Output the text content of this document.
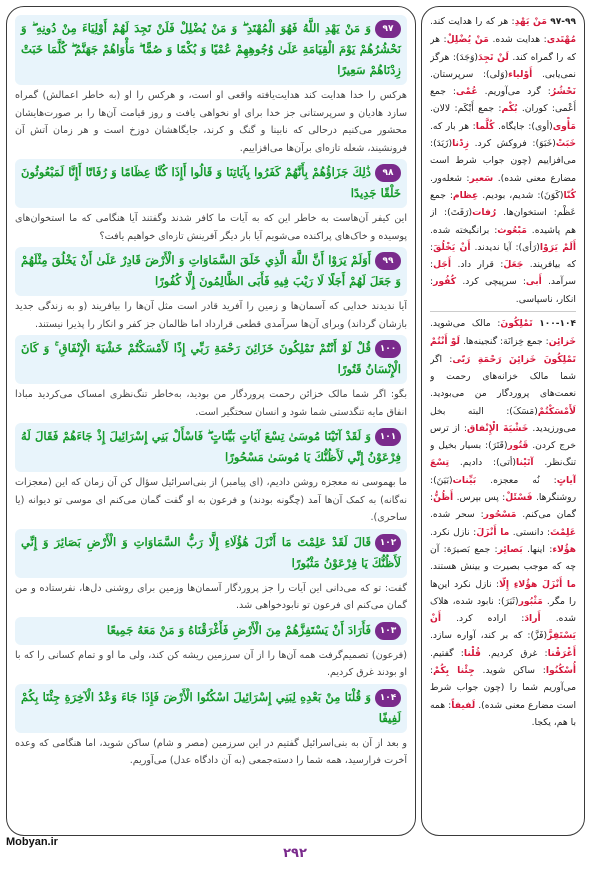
۹۷وَ مَنْ يَهْدِ اللَّهُ فَهُوَ الْمُهْتَدِ ۖ وَ مَنْ يُضْلِلْ فَلَنْ تَجِدَ لَهُمْ أَوْلِيَاءَ مِنْ دُونِهِ ۖ وَ نَحْشُرُهُمْ يَوْمَ الْقِيَامَةِ عَلَىٰ وُجُوهِهِمْ عُمْيًا وَ بُكْمًا وَ صُمًّا ۖ مَأْوَاهُمْ جَهَنَّمُ ۖ كُلَّمَا خَبَتْ زِدْنَاهُمْ سَعِيرًا
هرکس را خدا هدایت کند هدایت‌یافته واقعی او است، و هرکس را او (به خاطر اعمالش) گمراه سازد هادیان و سرپرستانی جز خدا برای او نخواهی یافت و روز قیامت آن‌ها را بر صورت‌هایشان محشور می‌کنیم درحالی که نابینا و گنگ و کرند، جایگاهشان دوزخ است و هر زمان آتش آن فرونشیند، شعله تازه‌ای برآن‌ها می‌افزاییم.
۹۸ذَٰلِكَ جَزَاؤُهُمْ بِأَنَّهُمْ كَفَرُوا بِآيَاتِنَا وَ قَالُوا أَإِذَا كُنَّا عِظَامًا وَ رُفَاتًا أَإِنَّا لَمَبْعُوثُونَ خَلْقًا جَدِيدًا
این کیفر آن‌هاست به خاطر این که به آیات ما کافر شدند وگفتند آیا هنگامی که ما استخوان‌های پوسیده و خاک‌های پراکنده می‌شویم آیا بار دیگر آفرینش تازه‌ای خواهیم یافت؟
۹۹أَوَلَمْ يَرَوْا أَنَّ اللَّهَ الَّذِي خَلَقَ السَّمَاوَاتِ وَ الْأَرْضَ قَادِرٌ عَلَىٰ أَنْ يَخْلُقَ مِثْلَهُمْ وَ جَعَلَ لَهُمْ أَجَلًا لَا رَيْبَ فِيهِ فَأَبَى الظَّالِمُونَ إِلَّا كُفُورًا
آیا ندیدند خدایی که آسمان‌ها و زمین را آفرید قادر است مثل آن‌ها را بیافریند (و به زندگی جدید بازشان گرداند) وبرای آن‌ها سرآمدی قطعی قرارداد اما ظالمان جز کفر و انکار را پذیرا نیستند.
۱۰۰قُلْ لَوْ أَنْتُمْ تَمْلِكُونَ خَزَائِنَ رَحْمَةِ رَبِّي إِذًا لَأَمْسَكْتُمْ خَشْيَةَ الْإِنْفَاقِ ۚ وَ كَانَ الْإِنْسَانُ قَتُورًا
بگو: اگر شما مالک خزائن رحمت پروردگار من بودید، به‌خاطر تنگ‌نظری امساک می‌کردید مبادا انفاق مایه تنگدستی شما شود و انسان سختگیر است.
۱۰۱وَ لَقَدْ آتَيْنَا مُوسَىٰ تِسْعَ آيَاتٍ بَيِّنَاتٍ ۖ فَاسْأَلْ بَنِي إِسْرَائِيلَ إِذْ جَاءَهُمْ فَقَالَ لَهُ فِرْعَوْنُ إِنِّي لَأَظُنُّكَ يَا مُوسَىٰ مَسْحُورًا
ما بهموسی نه معجزه روشن دادیم، (ای پیامبر) از بنی‌اسرائیل سؤال کن آن زمان که این (معجزات نه‌گانه) به کمک آن‌ها آمد (چگونه بودند) و فرعون به او گفت گمان می‌کنم ای موسی تو دیوانه (یا ساحری).
۱۰۲قَالَ لَقَدْ عَلِمْتَ مَا أَنْزَلَ هَٰؤُلَاءِ إِلَّا رَبُّ السَّمَاوَاتِ وَ الْأَرْضِ بَصَائِرَ وَ إِنِّي لَأَظُنُّكَ يَا فِرْعَوْنُ مَثْبُورًا
گفت: تو که می‌دانی این آیات را جز پروردگار آسمان‌ها وزمین برای روشنی دل‌ها، نفرستاده و من گمان می‌کنم ای فرعون تو نابودخواهی شد.
۱۰۳فَأَرَادَ أَنْ يَسْتَفِزَّهُمْ مِنَ الْأَرْضِ فَأَغْرَقْنَاهُ وَ مَنْ مَعَهُ جَمِيعًا
(فرعون) تصمیم‌گرفت همه آن‌ها را از آن سرزمین ریشه کن کند، ولی ما او و تمام کسانی را که با او بودند غرق کردیم.
۱۰۴وَ قُلْنَا مِنْ بَعْدِهِ لِبَنِي إِسْرَائِيلَ اسْكُنُوا الْأَرْضَ فَإِذَا جَاءَ وَعْدُ الْآخِرَةِ جِئْنَا بِكُمْ لَفِيفًا
و بعد از آن به بنی‌اسرائیل گفتیم در این سرزمین (مصر و شام) ساکن شوید، اما هنگامی که وعده آخرت فرارسید، همه شما را دسته‌جمعی (به آن دادگاه عدل) می‌آوریم.
۹۷-۹۹ مَنْ یَهْدِ: هر که را هدایت کند. مُهْتَدی: هدایت شده. مَنْ یُضْلِلْ: هر که را گمراه کند. لَنْ تَجِدَ(وَجَدَ): هرگز نمی‌یابی. أَوْلیاء(وَلی): سرپرستان. نَحْشُرُ: گرد می‌آوریم. عُمْی: جمع أَعْمی: کوران. بُکْم: جمع أَبْکَم: لالان. مَأْوی(أوی): جایگاه. کُلَّما: هر بار که. خَبَتْ(خَبَوَ): فروکش کرد. زِدْنا(زَیَدَ): می‌افزاییم (چون جواب شرط است مضارع معنی شده). سَعیر: شعله‌ور. کُنّا(کَوَنَ): شدیم، بودیم. عِظام: جمع عَظْم: استخوان‌ها. رُفات(رَفَتَ): از هم پاشیده. مَبْعُوث: برانگیخته شده. أَلَمْ یَرَوْا(رَأی): آیا ندیدند. أَنْ یَخْلُقَ: که بیافریند. جَعَلَ: قرار داد. أَجَل: سرآمد. أَبی: سرپیچی کرد. کُفُور: انکار، ناسپاسی.
۱۰۰-۱۰۴ تَمْلِکُونَ: مالک می‌شوید. خَزائِن: جمع خِزانَة: گنجینه‌ها. لَوْ أَنْتُمْ تَمْلِکُونَ خَزائِنَ رَحْمَةِ رَبّی: اگر شما مالک خزانه‌های رحمت و نعمت‌های پروردگار من می‌بودید. لَأَمْسَکْتُمْ(مَسَکَ): البته بخل می‌ورزیدید. خَشْیَةَ الْإِنْفاق: از ترس خرج کردن. قَتُور(قَتَرَ): بسیار بخیل و تنگ‌نظر. آتَیْنا(أتی): دادیم. تِسْعَ آیاتٍ: نُه معجزه. بَیِّنات(بَیَنَ): روشنگرها. فَسْئَلْ: پس بپرس. أَظُنُّ: گمان می‌کنم. مَسْحُور: سحر شده. عَلِمْتَ: دانستی. ما أَنْزَلَ: نازل نکرد. هؤُلاء: اینها. بَصائِر: جمع بَصیرَة: آن چه که موجب بصیرت و بینش هستند. ما أَنْزَلَ هؤُلاءِ إِلّا: نازل نکرد این‌ها را مگر. مَثْبُور(ثَبَرَ): نابود شده، هلاک شده. أَرادَ: اراده کرد. أَنْ یَسْتَفِزَّ(فَزَّ): که بر کند، آواره سازد. أَغْرَقْنا: غرق کردیم. قُلْنا: گفتیم. أُسْکُنُوا: ساکن شوید. جِئْنا بِکُمْ: می‌آوریم شما را (چون جواب شرط است مضارع معنی شده). لَفیفاً: همه با هم، یکجا.
Mobyan.ir
۲۹۲
